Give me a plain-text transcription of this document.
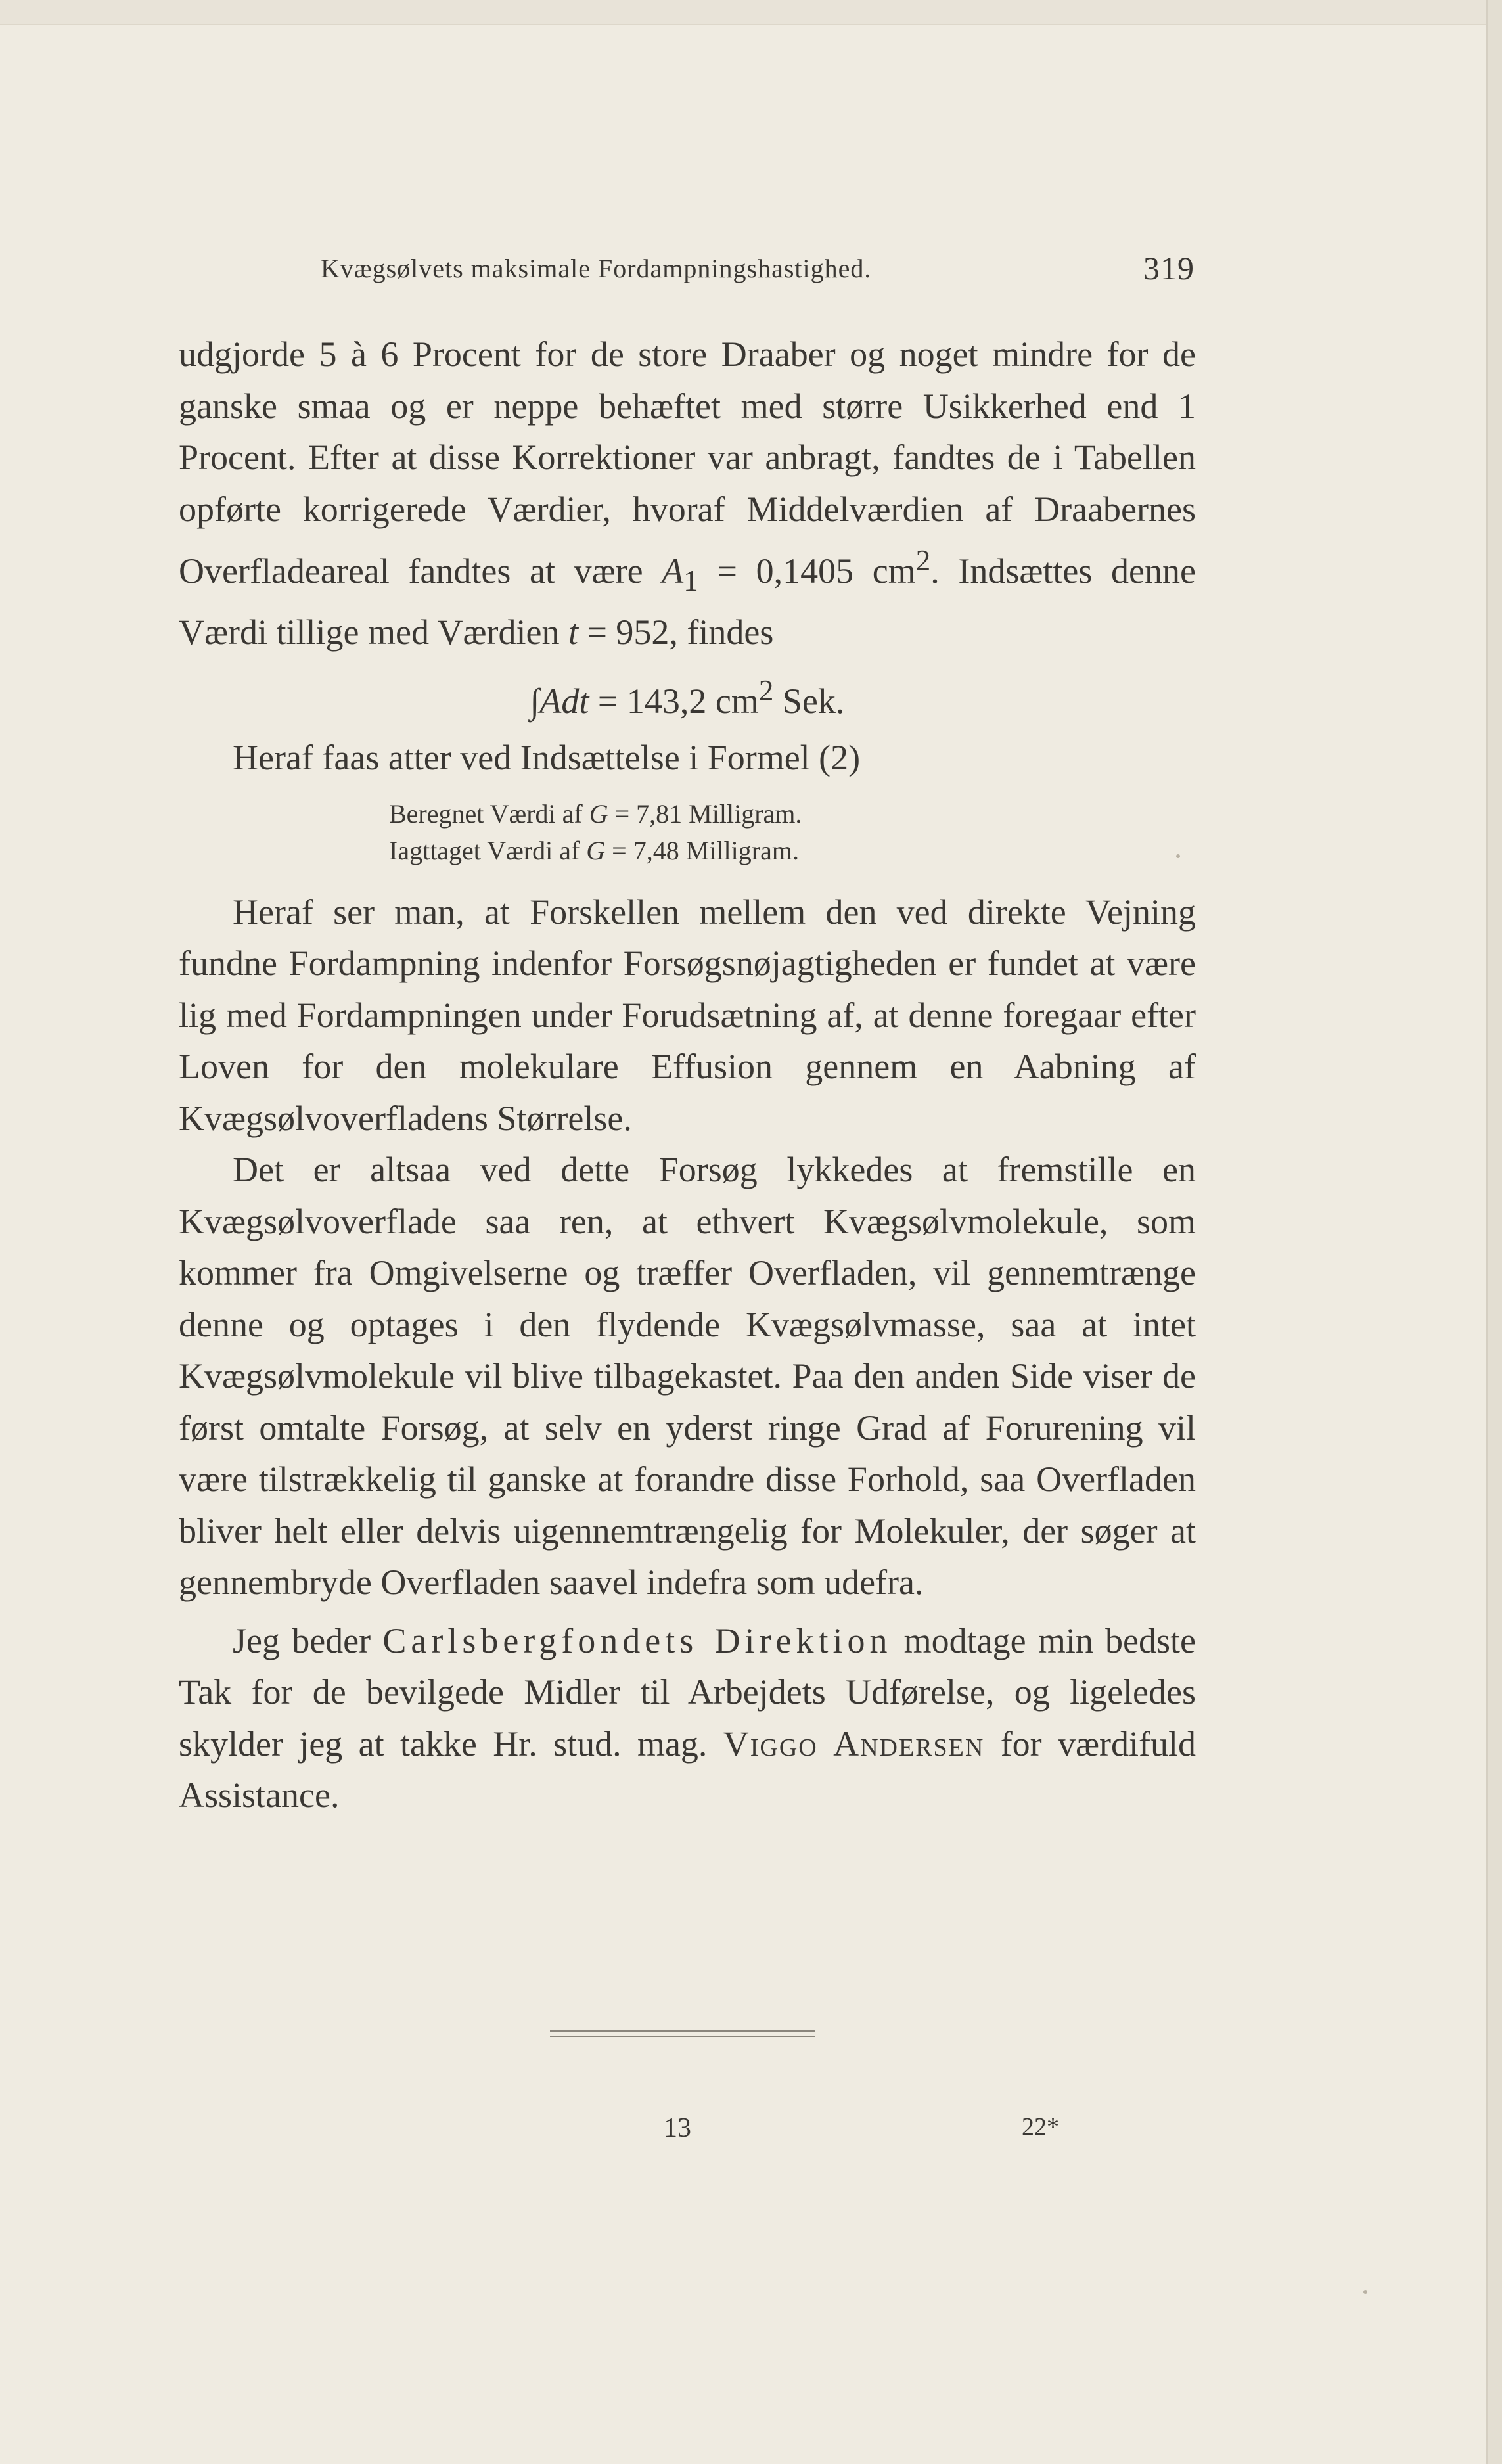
Kvægsølvets maksimale Fordampningshastighed.	319

udgjorde 5 à 6 Procent for de store Draaber og noget mindre for de ganske smaa og er neppe behæftet med større Usikkerhed end 1 Procent. Efter at disse Korrektioner var anbragt, fandtes de i Tabellen opførte korrigerede Værdier, hvoraf Middelværdien af Draabernes Overfladeareal fandtes at være $A_1 = 0,1405$ $cm^2$. Indsættes denne Værdi tillige med Værdien t = 952, findes

∫Adt = 143,2 $cm^2$ Sek.

Heraf faas atter ved Indsættelse i Formel (2)

Beregnet Værdi af G = 7,81 Milligram.
Iagttaget Værdi af G = 7,48 Milligram.

Heraf ser man, at Forskellen mellem den ved direkte Vejning fundne Fordampning indenfor Forsøgsnøjagtigheden er fundet at være lig med Fordampningen under Forudsætning af, at denne foregaar efter Loven for den molekulare Effusion gennem en Aabning af Kvægsølvoverfladens Størrelse.

Det er altsaa ved dette Forsøg lykkedes at fremstille en Kvægsølvoverflade saa ren, at ethvert Kvægsølvmolekule, som kommer fra Omgivelserne og træffer Overfladen, vil gennemtrænge denne og optages i den flydende Kvægsølvmasse, saa at intet Kvægsølvmolekule vil blive tilbagekastet. Paa den anden Side viser de først omtalte Forsøg, at selv en yderst ringe Grad af Forurening vil være tilstrækkelig til ganske at forandre disse Forhold, saa Overfladen bliver helt eller delvis uigennemtrængelig for Molekuler, der søger at gennembryde Overfladen saavel indefra som udefra.

Jeg beder Carlsbergfondets Direktion modtage min bedste Tak for de bevilgede Midler til Arbejdets Udførelse, og ligeledes skylder jeg at takke Hr. stud. mag. Viggo Andersen for værdifuld Assistance.

13	22*
